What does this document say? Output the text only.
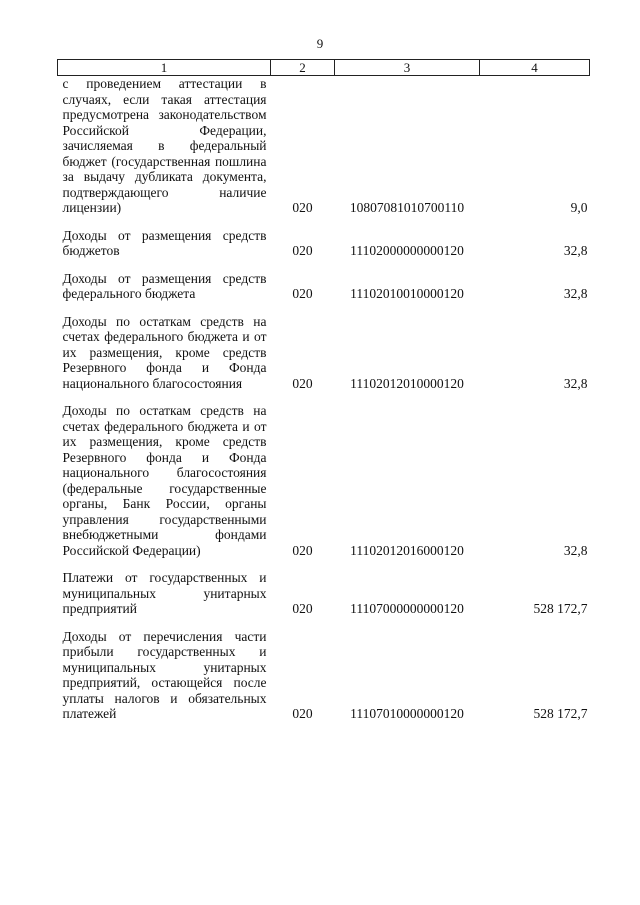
9
1	2	3	4
с проведением аттестации в случаях, если такая аттестация предусмотрена законодательством Российской Федерации, зачисляемая в федеральный бюджет (государственная пошлина за выдачу дубликата документа, подтверждающего наличие лицензии)	020	10807081010700110	9,0

Доходы от размещения средств бюджетов	020	11102000000000120	32,8

Доходы от размещения средств федерального бюджета	020	11102010010000120	32,8

Доходы по остаткам средств на счетах федерального бюджета и от их размещения, кроме средств Резервного фонда и Фонда национального благосостояния	020	11102012010000120	32,8

Доходы по остаткам средств на счетах федерального бюджета и от их размещения, кроме средств Резервного фонда и Фонда национального благосостояния (федеральные государственные органы, Банк России, органы управления государственными внебюджетными фондами Российской Федерации)	020	11102012016000120	32,8

Платежи от государственных и муниципальных унитарных предприятий	020	11107000000000120	528 172,7

Доходы от перечисления части прибыли государственных и муниципальных унитарных предприятий, остающейся после уплаты налогов и обязательных платежей	020	11107010000000120	528 172,7
